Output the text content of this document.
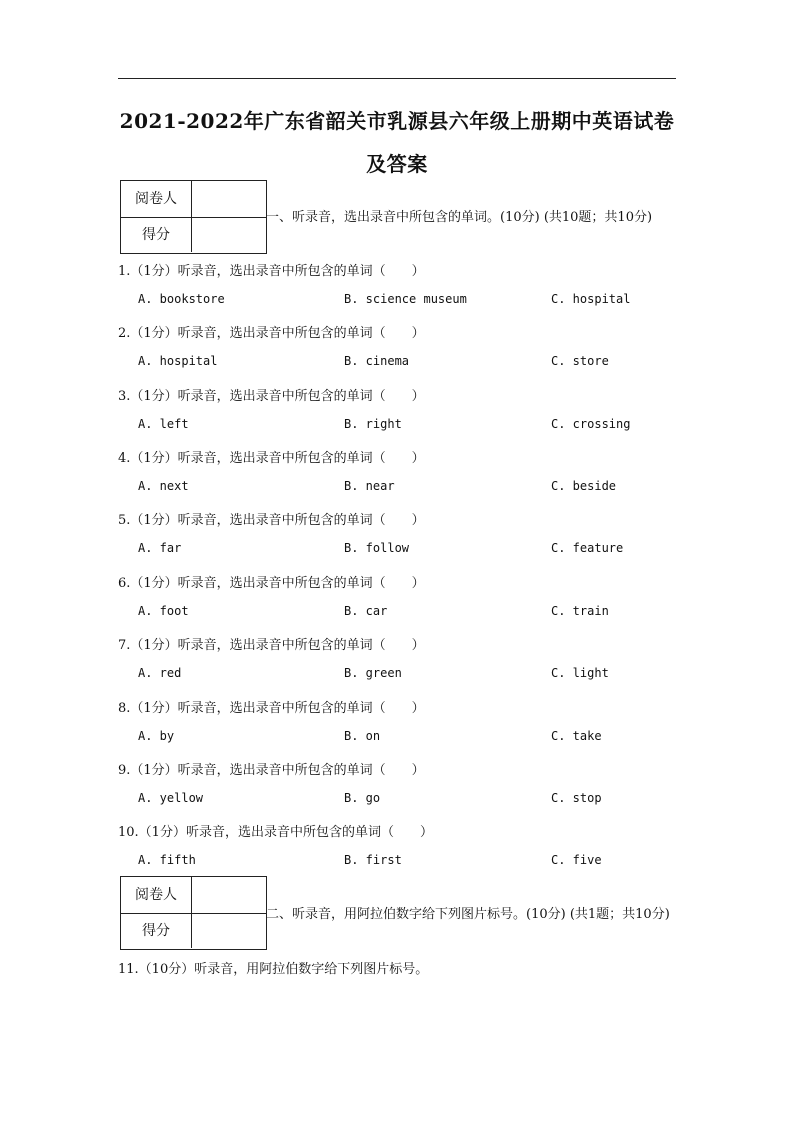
2021-2022年广东省韶关市乳源县六年级上册期中英语试卷
及答案
阅卷人
得分
一、听录音，选出录音中所包含的单词。(10分) (共10题；共10分)
1.（1分）听录音，选出录音中所包含的单词（　　）
A. bookstore	B. science museum	C. hospital
2.（1分）听录音，选出录音中所包含的单词（　　）
A. hospital	B. cinema	C. store
3.（1分）听录音，选出录音中所包含的单词（　　）
A. left	B. right	C. crossing
4.（1分）听录音，选出录音中所包含的单词（　　）
A. next	B. near	C. beside
5.（1分）听录音，选出录音中所包含的单词（　　）
A. far	B. follow	C. feature
6.（1分）听录音，选出录音中所包含的单词（　　）
A. foot	B. car	C. train
7.（1分）听录音，选出录音中所包含的单词（　　）
A. red	B. green	C. light
8.（1分）听录音，选出录音中所包含的单词（　　）
A. by	B. on	C. take
9.（1分）听录音，选出录音中所包含的单词（　　）
A. yellow	B. go	C. stop
10.（1分）听录音，选出录音中所包含的单词（　　）
A. fifth	B. first	C. five
阅卷人
得分
二、听录音，用阿拉伯数字给下列图片标号。(10分) (共1题；共10分)
11.（10分）听录音，用阿拉伯数字给下列图片标号。
